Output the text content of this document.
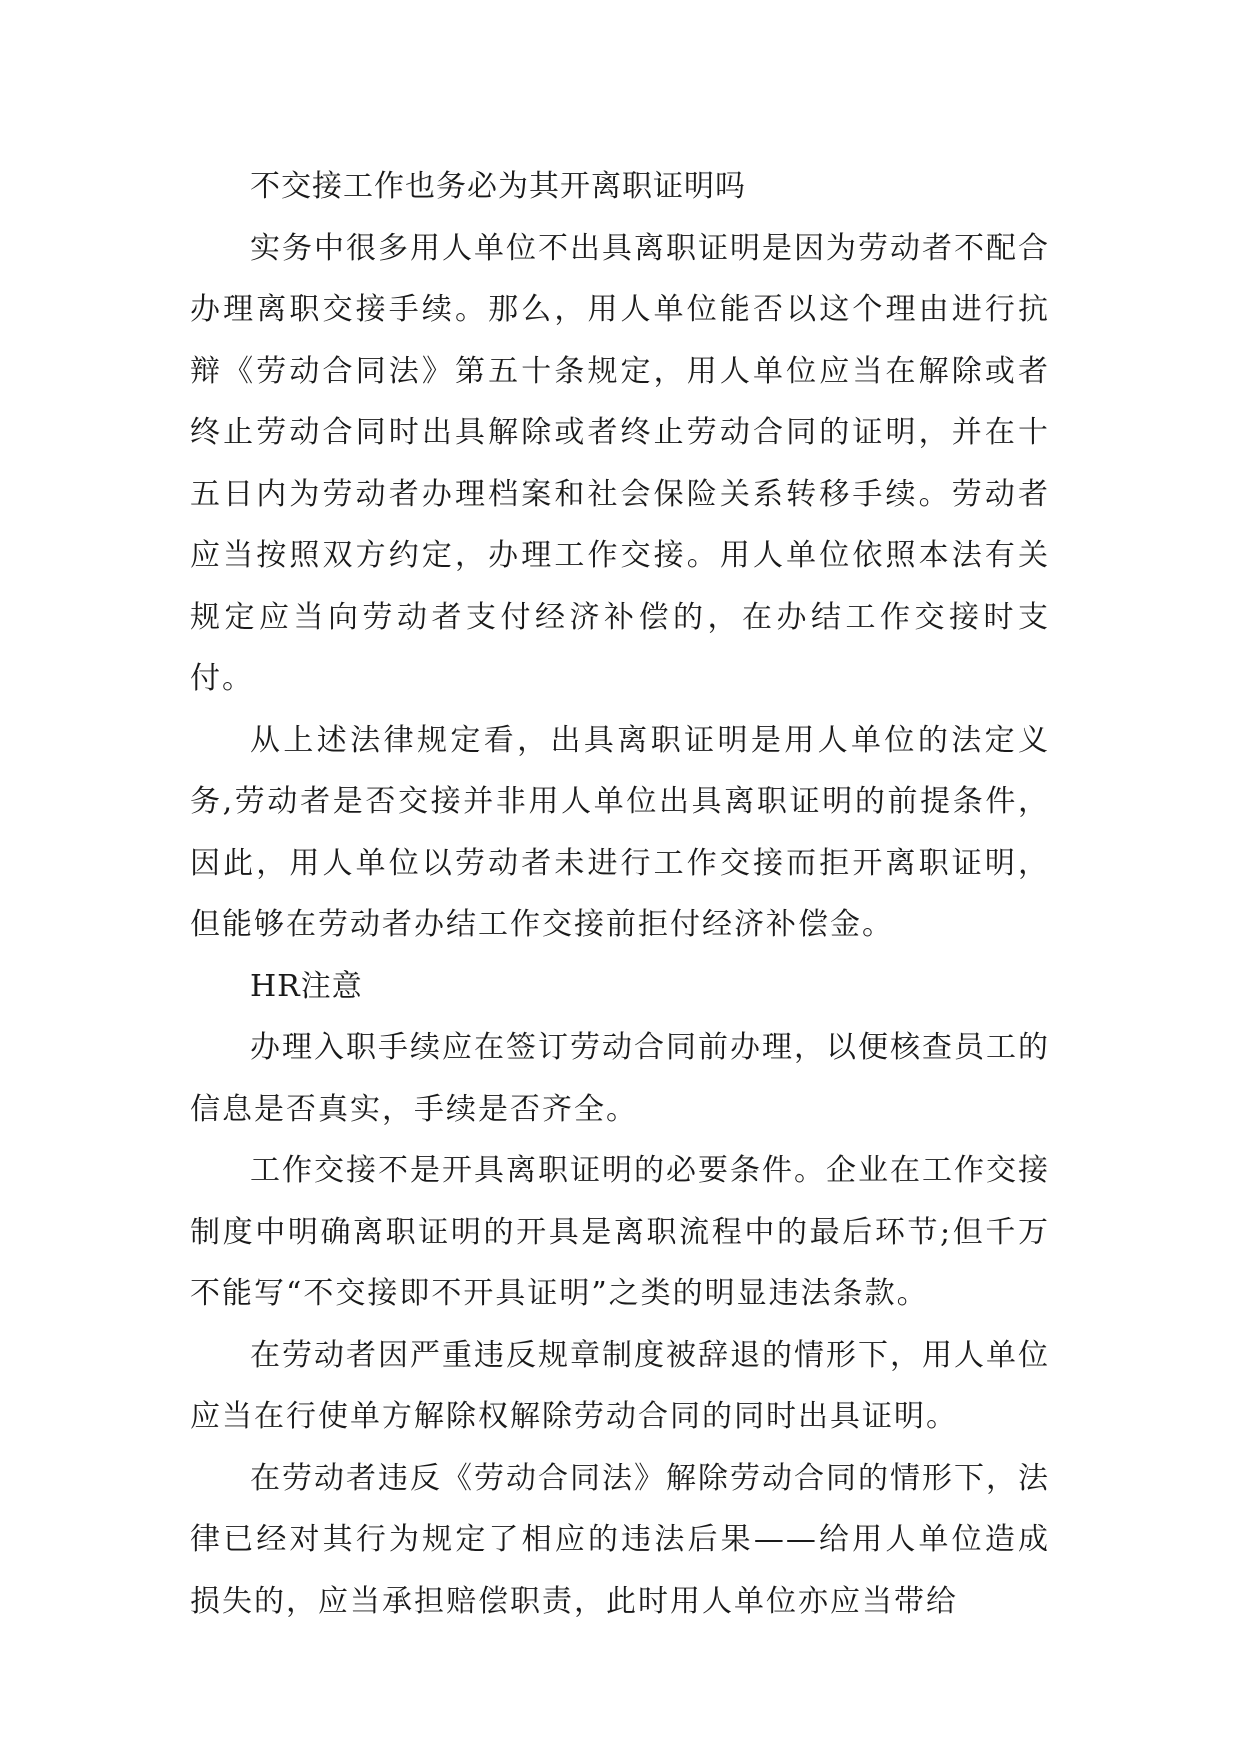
不交接工作也务必为其开离职证明吗

实务中很多用人单位不出具离职证明是因为劳动者不配合办理离职交接手续。那么，用人单位能否以这个理由进行抗辩《劳动合同法》第五十条规定，用人单位应当在解除或者终止劳动合同时出具解除或者终止劳动合同的证明，并在十五日内为劳动者办理档案和社会保险关系转移手续。劳动者应当按照双方约定，办理工作交接。用人单位依照本法有关规定应当向劳动者支付经济补偿的，在办结工作交接时支付。

从上述法律规定看，出具离职证明是用人单位的法定义务,劳动者是否交接并非用人单位出具离职证明的前提条件，因此，用人单位以劳动者未进行工作交接而拒开离职证明，但能够在劳动者办结工作交接前拒付经济补偿金。

HR注意

办理入职手续应在签订劳动合同前办理，以便核查员工的信息是否真实，手续是否齐全。

工作交接不是开具离职证明的必要条件。企业在工作交接制度中明确离职证明的开具是离职流程中的最后环节;但千万不能写“不交接即不开具证明”之类的明显违法条款。

在劳动者因严重违反规章制度被辞退的情形下，用人单位应当在行使单方解除权解除劳动合同的同时出具证明。

在劳动者违反《劳动合同法》解除劳动合同的情形下，法律已经对其行为规定了相应的违法后果——给用人单位造成损失的，应当承担赔偿职责，此时用人单位亦应当带给
